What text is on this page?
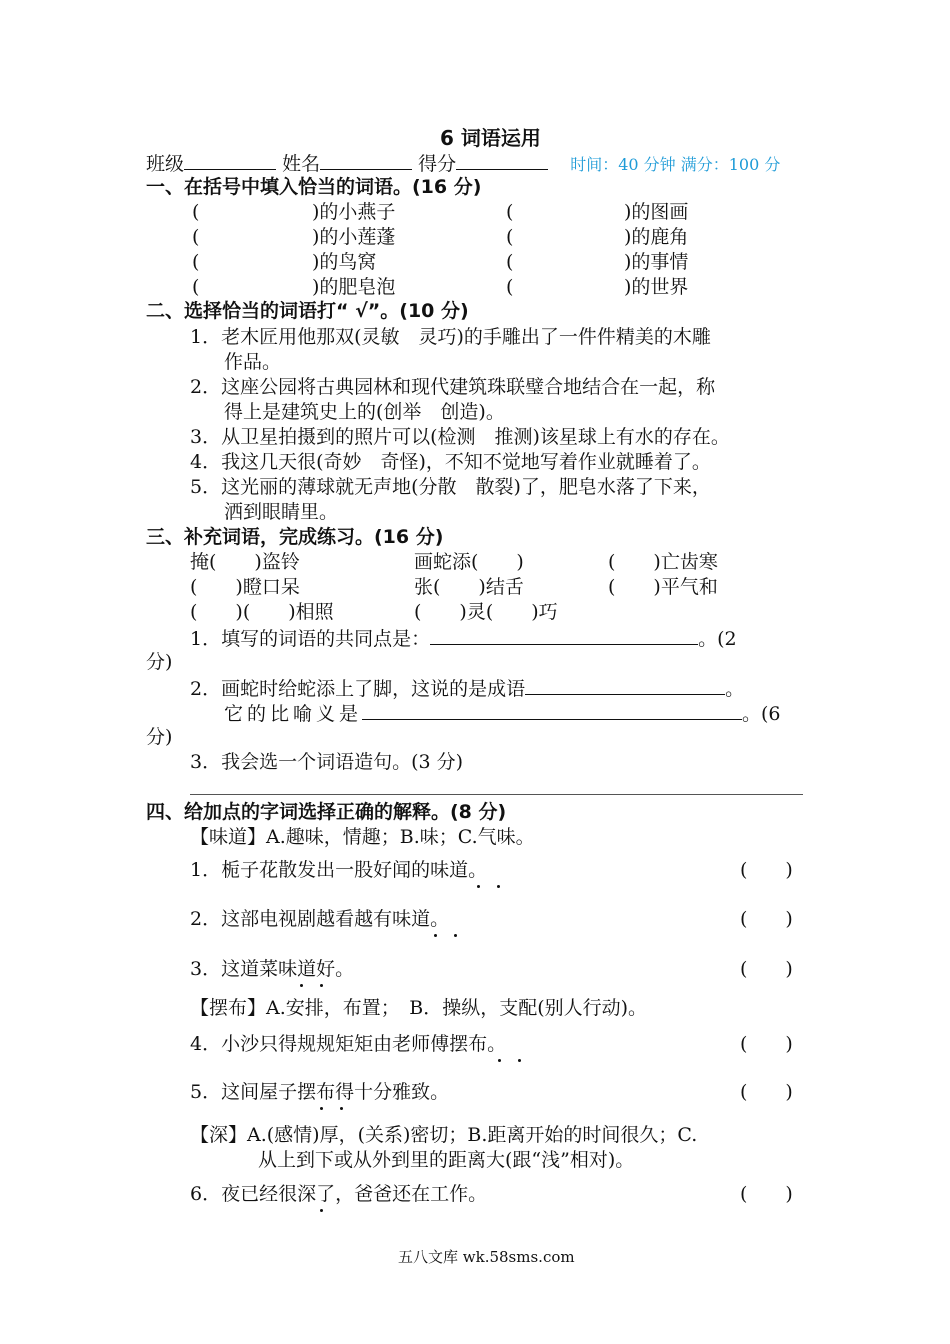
6 词语运用
班级	姓名	得分	时间：40 分钟 满分：100 分
一、在括号中填入恰当的词语。(16 分)
(	)的小燕子	(	)的图画
(	)的小莲蓬	(	)的鹿角
(	)的鸟窝	(	)的事情
(	)的肥皂泡	(	)的世界
二、选择恰当的词语打“ √”。(10 分)
1．老木匠用他那双(灵敏　灵巧)的手雕出了一件件精美的木雕
作品。
2．这座公园将古典园林和现代建筑珠联璧合地结合在一起，称
得上是建筑史上的(创举　创造)。
3．从卫星拍摄到的照片可以(检测　推测)该星球上有水的存在。
4．我这几天很(奇妙　奇怪)，不知不觉地写着作业就睡着了。
5．这光丽的薄球就无声地(分散　散裂)了，肥皂水落了下来，
洒到眼睛里。
三、补充词语，完成练习。(16 分)
掩(　　)盗铃	画蛇添(　　)	(　　)亡齿寒
(　　)瞪口呆	张(　　)结舌	(　　)平气和
(　　)(　　)相照	(　　)灵(　　)巧
1．填写的词语的共同点是：	。(2
分)
2．画蛇时给蛇添上了脚，这说的是成语	。
它的比喻义是	。(6
分)
3．我会选一个词语造句。(3 分)
四、给加点的字词选择正确的解释。(8 分)
【味道】A.趣味，情趣；B.味；C.气味。
1．栀子花散发出一股好闻的味道。	(　　)
2．这部电视剧越看越有味道。	(　　)
3．这道菜味道好。	(　　)
【摆布】A.安排，布置；　B．操纵，支配(别人行动)。
4．小沙只得规规矩矩由老师傅摆布。	(　　)
5．这间屋子摆布得十分雅致。	(　　)
【深】A.(感情)厚，(关系)密切；B.距离开始的时间很久；C.
从上到下或从外到里的距离大(跟“浅”相对)。
6．夜已经很深了，爸爸还在工作。	(　　)
五八文库 wk.58sms.com
